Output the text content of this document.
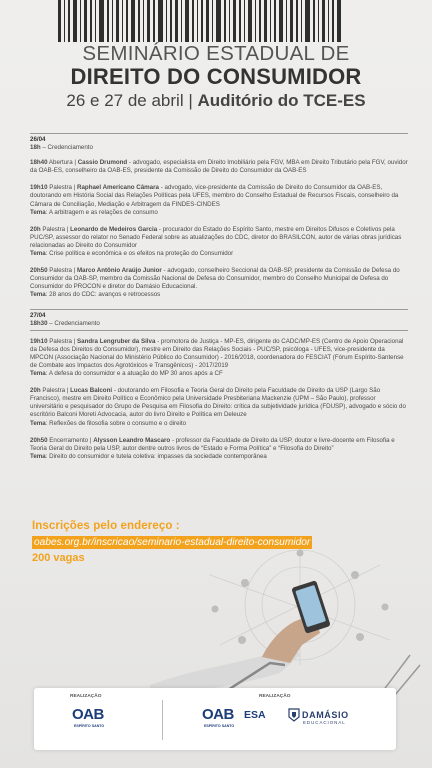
SEMINÁRIO ESTADUAL DE
DIREITO DO CONSUMIDOR
26 e 27 de abril | Auditório do TCE-ES
26/04
18h – Credenciamento
18h40 Abertura | Cassio Drumond - advogado, especialista em Direito Imobiliário pela FGV, MBA em Direito Tributário pela FGV, ouvidor da OAB-ES, conselheiro da OAB-ES, presidente da Comissão de Direito do Consumidor da OAB-ES
19h10 Palestra | Raphael Americano Câmara - advogado, vice-presidente da Comissão de Direito do Consumidor da OAB-ES, doutorando em História Social das Relações Políticas pela UFES, membro do Conselho Estadual de Recursos Fiscais, conselheiro da Câmara de Conciliação, Mediação e Arbitragem da FINDES-CINDES
Tema: A arbitragem e as relações de consumo
20h Palestra | Leonardo de Medeiros Garcia - procurador do Estado do Espírito Santo, mestre em Direitos Difusos e Coletivos pela PUC/SP, assessor do relator no Senado Federal sobre as atualizações do CDC, diretor do BRASILCON, autor de várias obras jurídicas relacionadas ao Direito do Consumidor
Tema: Crise política e econômica e os efeitos na proteção do Consumidor
20h50 Palestra | Marco Antônio Araújo Junior - advogado, conselheiro Seccional da OAB-SP, presidente da Comissão de Defesa do Consumidor da OAB-SP, membro da Comissão Nacional de Defesa do Consumidor, membro do Conselho Municipal de Defesa do Consumidor do PROCON e diretor do Damásio Educacional.
Tema: 28 anos do CDC: avanços e retrocessos
27/04
18h30 – Credenciamento
19h10 Palestra | Sandra Lengruber da Silva - promotora de Justiça - MP-ES, dirigente do CADC/MP-ES (Centro de Apoio Operacional da Defesa dos Direitos do Consumidor), mestre em Direito das Relações Sociais - PUC/SP, psicóloga - UFES, vice-presidente da MPCON (Associação Nacional do Ministério Público do Consumidor) - 2016/2018, coordenadora do FESCIAT (Fórum Espírito-Santense de Combate aos Impactos dos Agrotóxicos e Transgênicos) - 2017/2019
Tema: A defesa do consumidor e a atuação do MP 30 anos após a CF
20h Palestra | Lucas Balconi - doutorando em Filosofia e Teoria Geral do Direito pela Faculdade de Direito da USP (Largo São Francisco), mestre em Direito Político e Econômico pela Universidade Presbiteriana Mackenzie (UPM – São Paulo), professor universitário e pesquisador do Grupo de Pesquisa em Filosofia do Direito: crítica da subjetividade jurídica (FDUSP), advogado e sócio do escritório Balconi Moreti Advocacia, autor do livro Direito e Política em Deleuze
Tema: Reflexões de filosofia sobre o consumo e o direito
20h50 Encerramento | Alysson Leandro Mascaro - professor da Faculdade de Direito da USP, doutor e livre-docente em Filosofia e Teoria Geral do Direito pela USP, autor dentre outros livros de “Estado e Forma Política” e “Filosofia do Direito”
Tema: Direito do consumidor e tutela coletiva: impasses da sociedade contemporânea
Inscrições pelo endereço :
oabes.org.br/inscricao/seminario-estadual-direito-consumidor
200 vagas
REALIZAÇÃO	REALIZAÇÃO
OAB
ESPÍRITO SANTO
OAB
ESPÍRITO SANTO
ESA	DAMÁSIO
EDUCACIONAL
